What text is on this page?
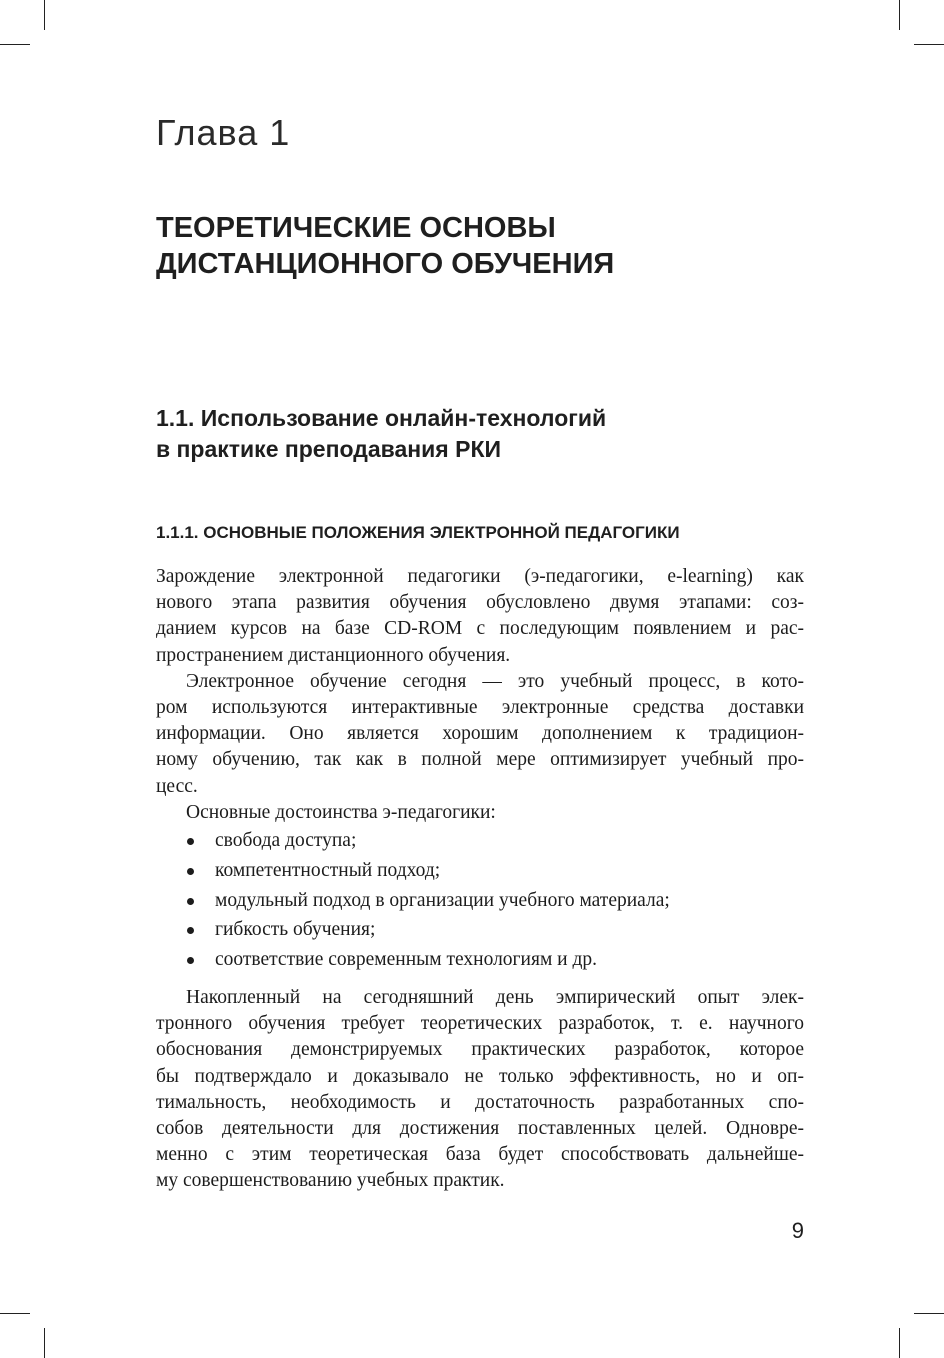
Глава 1
ТЕОРЕТИЧЕСКИЕ ОСНОВЫ
ДИСТАНЦИОННОГО ОБУЧЕНИЯ
1.1. Использование онлайн-технологий
в практике преподавания РКИ
1.1.1. ОСНОВНЫЕ ПОЛОЖЕНИЯ ЭЛЕКТРОННОЙ ПЕДАГОГИКИ

Зарождение электронной педагогики (э-педагогики, e-learning) как

нового этапа развития обучения обусловлено двумя этапами: соз-

данием курсов на базе CD-ROM с последующим появлением и рас-

пространением дистанционного обучения.

Электронное обучение сегодня — это учебный процесс, в кото-

ром используются интерактивные электронные средства доставки

информации. Оно является хорошим дополнением к традицион-

ному обучению, так как в полной мере оптимизирует учебный про-

цесс.

Основные достоинства э-педагогики:

свобода доступа;
компетентностный подход;
модульный подход в организации учебного материала;
гибкость обучения;
соответствие современным технологиям и др.

Накопленный на сегодняшний день эмпирический опыт элек-

тронного обучения требует теоретических разработок, т. е. научного

обоснования демонстрируемых практических разработок, которое

бы подтверждало и доказывало не только эффективность, но и оп-

тимальность, необходимость и достаточность разработанных спо-

собов деятельности для достижения поставленных целей. Одновре-

менно с этим теоретическая база будет способствовать дальнейше-

му совершенствованию учебных практик.

9
